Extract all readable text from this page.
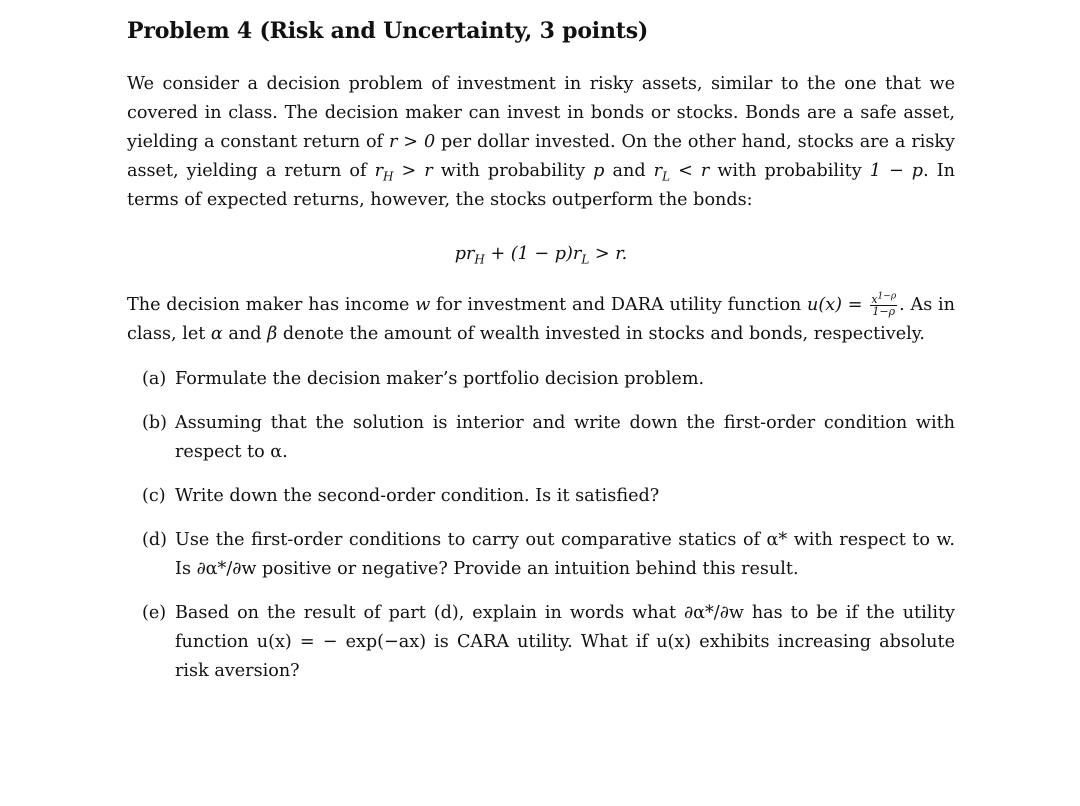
Problem 4 (Risk and Uncertainty, 3 points)

We consider a decision problem of investment in risky assets, similar to the one that we covered in class. The decision maker can invest in bonds or stocks. Bonds are a safe asset, yielding a constant return of r > 0 per dollar invested. On the other hand, stocks are a risky asset, yielding a return of $r_H > r$ with probability p and $r_L < r$ with probability 1 − p. In terms of expected returns, however, the stocks outperform the bonds:

$pr_H + (1 - p)r_L > r$.

The decision maker has income w for investment and DARA utility function $u(x) = \frac{x^{1-\rho}}{1-\rho}$ . As in class, let α and β denote the amount of wealth invested in stocks and bonds, respectively.

(a) Formulate the decision maker’s portfolio decision problem.
(b) Assuming that the solution is interior and write down the first-order condition with respect to α.
(c) Write down the second-order condition. Is it satisfied?
(d) Use the first-order conditions to carry out comparative statics of α* with respect to w. Is ∂α*/∂w positive or negative? Provide an intuition behind this result.
(e) Based on the result of part (d), explain in words what ∂α*/∂w has to be if the utility function u(x) = − exp(−ax) is CARA utility. What if u(x) exhibits increasing absolute risk aversion?
